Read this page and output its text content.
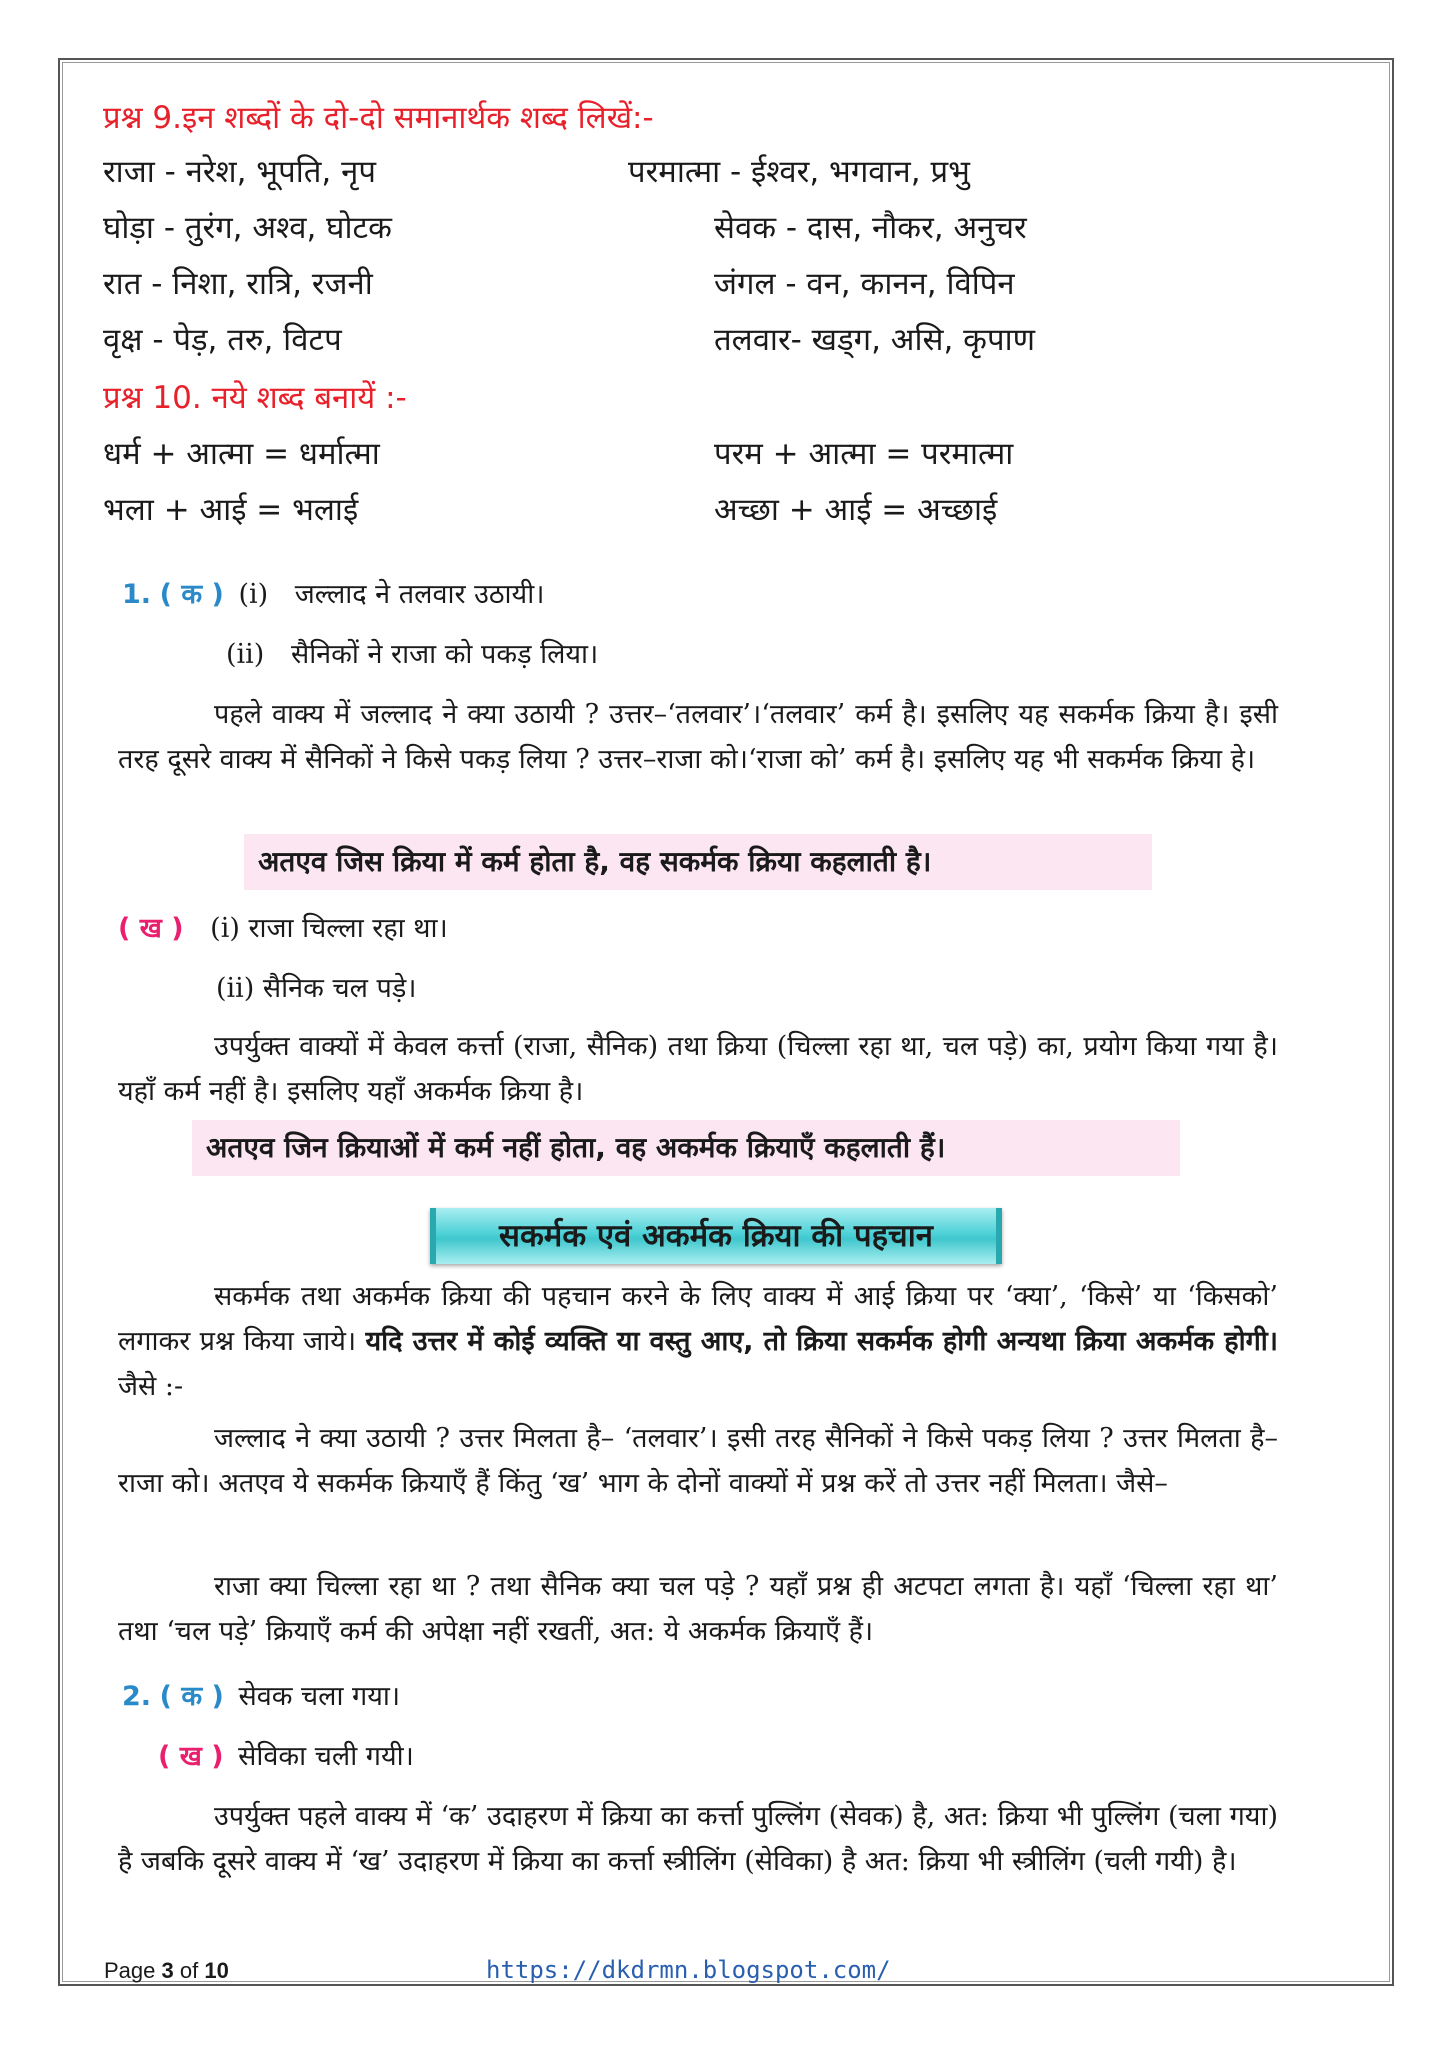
प्रश्न 9.इन शब्दों के दो-दो समानार्थक शब्द लिखें:-
राजा - नरेश, भूपति, नृप
घोड़ा - तुरंग, अश्व, घोटक
रात - निशा, रात्रि, रजनी
वृक्ष - पेड़, तरु, विटप
परमात्मा - ईश्वर, भगवान, प्रभु
सेवक - दास, नौकर, अनुचर
जंगल - वन, कानन, विपिन
तलवार- खड्ग, असि, कृपाण
प्रश्न 10. नये शब्द बनायें :-
धर्म + आत्मा = धर्मात्मा
भला + आई = भलाई
परम + आत्मा = परमात्मा
अच्छा + आई = अच्छाई
1. ( क ) (i) जल्लाद ने तलवार उठायी।
(ii) सैनिकों ने राजा को पकड़ लिया।
पहले वाक्य में जल्लाद ने क्या उठायी ? उत्तर–‘तलवार’।‘तलवार’ कर्म है। इसलिए यह सकर्मक क्रिया है। इसी तरह दूसरे वाक्य में सैनिकों ने किसे पकड़ लिया ? उत्तर–राजा को।‘राजा को’ कर्म है। इसलिए यह भी सकर्मक क्रिया हे।
अतएव जिस क्रिया में कर्म होता है, वह सकर्मक क्रिया कहलाती है।
( ख ) (i) राजा चिल्ला रहा था।
(ii) सैनिक चल पड़े।
उपर्युक्त वाक्यों में केवल कर्त्ता (राजा, सैनिक) तथा क्रिया (चिल्ला रहा था, चल पड़े) का, प्रयोग किया गया है। यहाँ कर्म नहीं है। इसलिए यहाँ अकर्मक क्रिया है।
अतएव जिन क्रियाओं में कर्म नहीं होता, वह अकर्मक क्रियाएँ कहलाती हैं।
सकर्मक एवं अकर्मक क्रिया की पहचान
सकर्मक तथा अकर्मक क्रिया की पहचान करने के लिए वाक्य में आई क्रिया पर ‘क्या’, ‘किसे’ या ‘किसको’ लगाकर प्रश्न किया जाये। यदि उत्तर में कोई व्यक्ति या वस्तु आए, तो क्रिया सकर्मक होगी अन्यथा क्रिया अकर्मक होगी। जैसे :-
जल्लाद ने क्या उठायी ? उत्तर मिलता है– ‘तलवार’। इसी तरह सैनिकों ने किसे पकड़ लिया ? उत्तर मिलता है– राजा को। अतएव ये सकर्मक क्रियाएँ हैं किंतु ‘ख’ भाग के दोनों वाक्यों में प्रश्न करें तो उत्तर नहीं मिलता। जैसे–
राजा क्या चिल्ला रहा था ? तथा सैनिक क्या चल पड़े ? यहाँ प्रश्न ही अटपटा लगता है। यहाँ ‘चिल्ला रहा था’ तथा ‘चल पड़े’ क्रियाएँ कर्म की अपेक्षा नहीं रखतीं, अत: ये अकर्मक क्रियाएँ हैं।
2. ( क ) सेवक चला गया।
( ख ) सेविका चली गयी।
उपर्युक्त पहले वाक्य में ‘क’ उदाहरण में क्रिया का कर्त्ता पुल्लिंग (सेवक) है, अत: क्रिया भी पुल्लिंग (चला गया) है जबकि दूसरे वाक्य में ‘ख’ उदाहरण में क्रिया का कर्त्ता स्त्रीलिंग (सेविका) है अत: क्रिया भी स्त्रीलिंग (चली गयी) है।
Page 3 of 10	https://dkdrmn.blogspot.com/
